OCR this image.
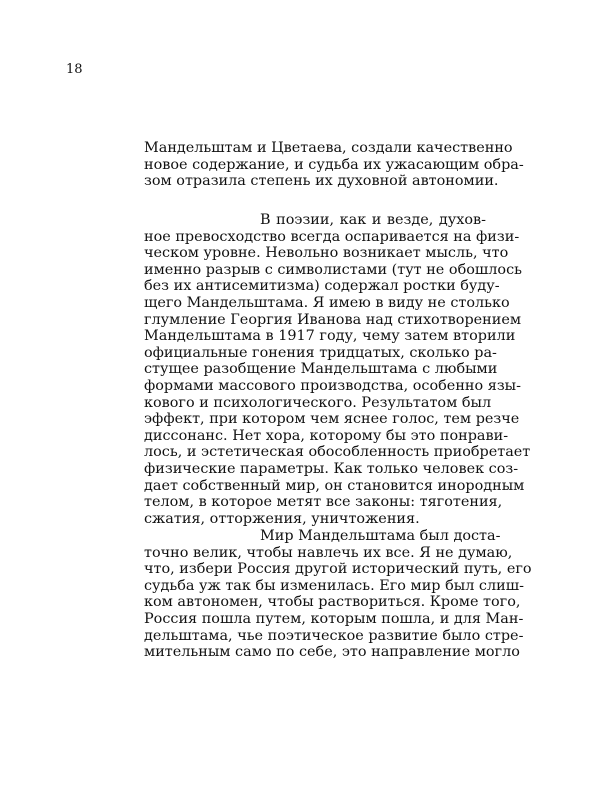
18
Мандельштам и Цветаева, создали качественно
новое содержание, и судьба их ужасающим обра-
зом отразила степень их духовной автономии.
В поэзии, как и везде, духов-
ное превосходство всегда оспаривается на физи-
ческом уровне. Невольно возникает мысль, что
именно разрыв с символистами (тут не обошлось
без их антисемитизма) содержал ростки буду-
щего Мандельштама. Я имею в виду не столько
глумление Георгия Иванова над стихотворением
Мандельштама в 1917 году, чему затем вторили
официальные гонения тридцатых, сколько ра-
стущее разобщение Мандельштама с любыми
формами массового производства, особенно язы-
кового и психологического. Результатом был
эффект, при котором чем яснее голос, тем резче
диссонанс. Нет хора, которому бы это понрави-
лось, и эстетическая обособленность приобретает
физические параметры. Как только человек соз-
дает собственный мир, он становится инородным
телом, в которое метят все законы: тяготения,
сжатия, отторжения, уничтожения.
Мир Мандельштама был доста-
точно велик, чтобы навлечь их все. Я не думаю,
что, избери Россия другой исторический путь, его
судьба уж так бы изменилась. Его мир был слиш-
ком автономен, чтобы раствориться. Кроме того,
Россия пошла путем, которым пошла, и для Ман-
дельштама, чье поэтическое развитие было стре-
мительным само по себе, это направление могло
